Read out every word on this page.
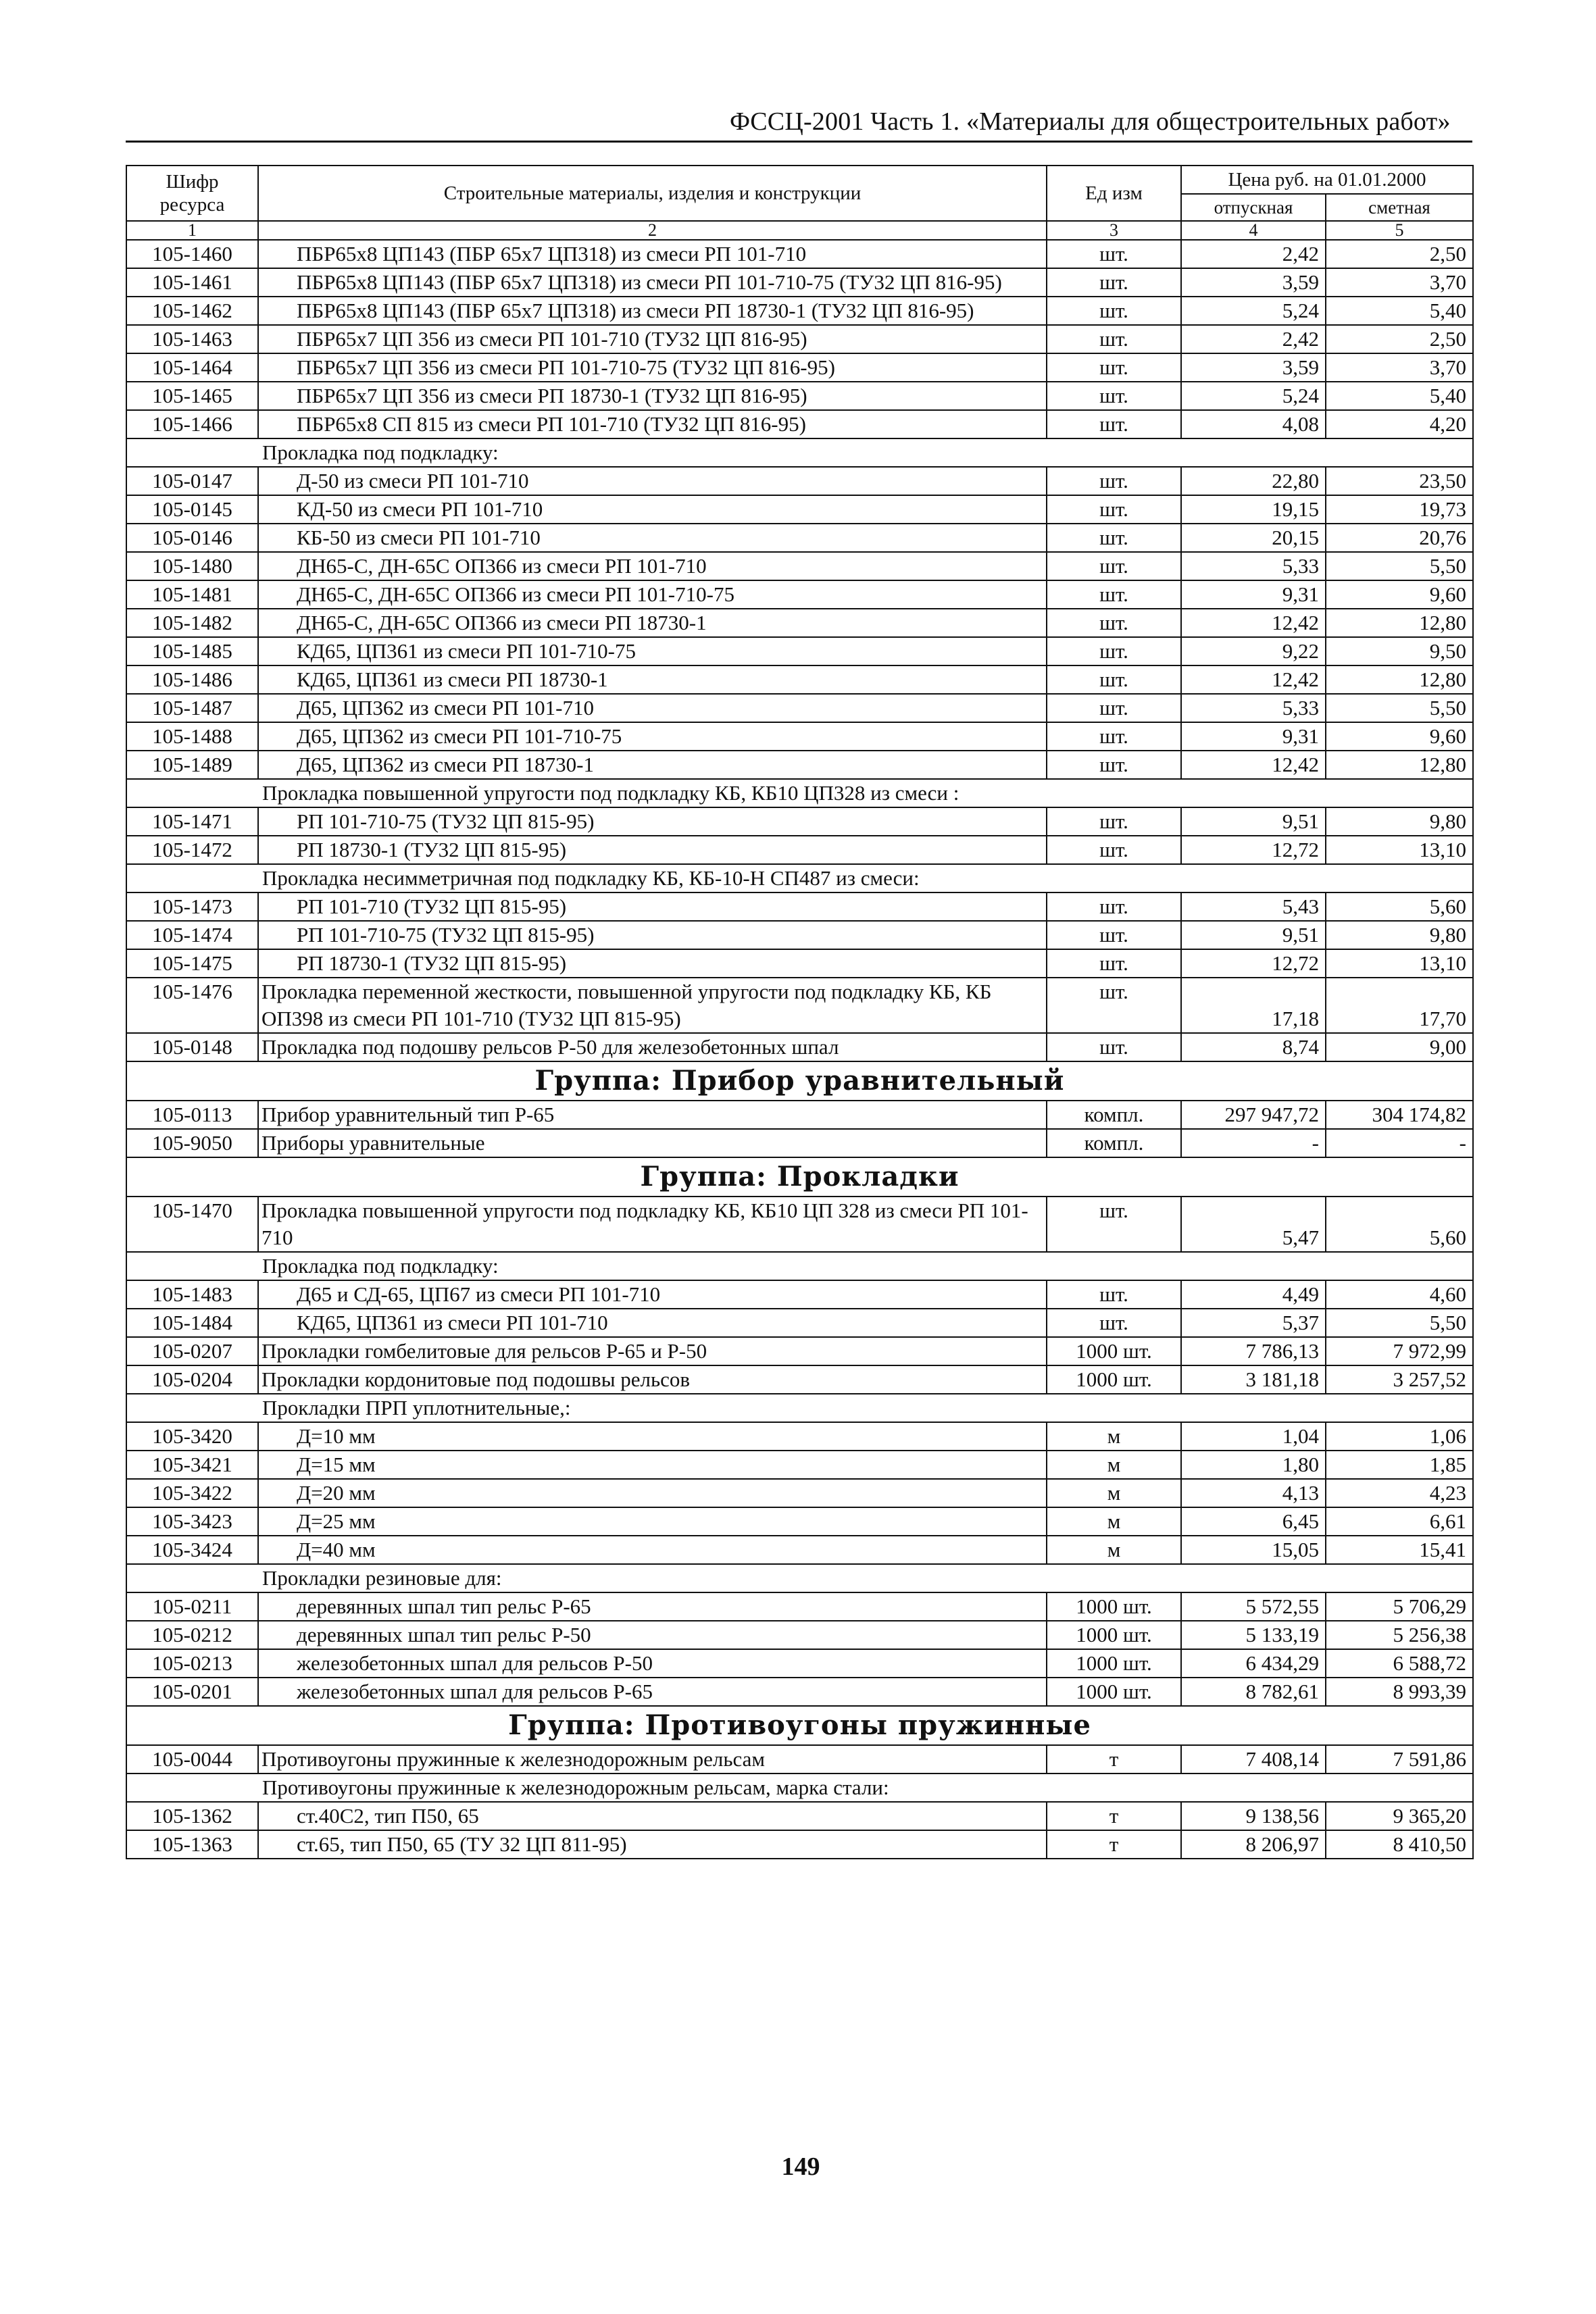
ФССЦ-2001 Часть 1. «Материалы для общестроительных работ»
Шифр ресурса	Строительные материалы, изделия и конструкции	Ед изм	Цена руб. на 01.01.2000	
			отпускная	сметная
1	2	3	4	5
105-1460	ПБР65х8 ЦП143 (ПБР 65х7 ЦП318) из смеси РП 101-710	шт.	2,42	2,50
105-1461	ПБР65х8 ЦП143 (ПБР 65х7 ЦП318) из смеси РП 101-710-75 (ТУ32 ЦП 816-95)	шт.	3,59	3,70
105-1462	ПБР65х8 ЦП143 (ПБР 65х7 ЦП318) из смеси РП 18730-1 (ТУ32 ЦП 816-95)	шт.	5,24	5,40
105-1463	ПБР65х7 ЦП 356 из смеси РП 101-710 (ТУ32 ЦП 816-95)	шт.	2,42	2,50
105-1464	ПБР65х7 ЦП 356 из смеси РП 101-710-75 (ТУ32 ЦП 816-95)	шт.	3,59	3,70
105-1465	ПБР65х7 ЦП 356 из смеси РП 18730-1 (ТУ32 ЦП 816-95)	шт.	5,24	5,40
105-1466	ПБР65х8 СП 815 из смеси РП 101-710 (ТУ32 ЦП 816-95)	шт.	4,08	4,20
Прокладка под подкладку:				
105-0147	Д-50 из смеси РП 101-710	шт.	22,80	23,50
105-0145	КД-50 из смеси РП 101-710	шт.	19,15	19,73
105-0146	КБ-50 из смеси РП 101-710	шт.	20,15	20,76
105-1480	ДН65-С, ДН-65С ОП366 из смеси РП 101-710	шт.	5,33	5,50
105-1481	ДН65-С, ДН-65С ОП366 из смеси РП 101-710-75	шт.	9,31	9,60
105-1482	ДН65-С, ДН-65С ОП366 из смеси РП 18730-1	шт.	12,42	12,80
105-1485	КД65, ЦП361 из смеси РП 101-710-75	шт.	9,22	9,50
105-1486	КД65, ЦП361 из смеси РП 18730-1	шт.	12,42	12,80
105-1487	Д65, ЦП362 из смеси РП 101-710	шт.	5,33	5,50
105-1488	Д65, ЦП362 из смеси РП 101-710-75	шт.	9,31	9,60
105-1489	Д65, ЦП362 из смеси РП 18730-1	шт.	12,42	12,80
Прокладка повышенной упругости под подкладку КБ, КБ10 ЦП328 из смеси :				
105-1471	РП 101-710-75 (ТУ32 ЦП 815-95)	шт.	9,51	9,80
105-1472	РП 18730-1 (ТУ32 ЦП 815-95)	шт.	12,72	13,10
Прокладка несимметричная под подкладку КБ, КБ-10-Н СП487 из смеси:				
105-1473	РП 101-710 (ТУ32 ЦП 815-95)	шт.	5,43	5,60
105-1474	РП 101-710-75 (ТУ32 ЦП 815-95)	шт.	9,51	9,80
105-1475	РП 18730-1 (ТУ32 ЦП 815-95)	шт.	12,72	13,10
105-1476	Прокладка переменной жесткости, повышенной упругости под подкладку КБ, КБ ОП398 из смеси РП 101-710 (ТУ32 ЦП 815-95)	шт.	17,18	17,70
105-0148	Прокладка под подошву рельсов Р-50 для железобетонных шпал	шт.	8,74	9,00
Группа: Прибор уравнительный				
105-0113	Прибор уравнительный тип Р-65	компл.	297 947,72	304 174,82
105-9050	Приборы уравнительные	компл.	-	-
Группа: Прокладки				
105-1470	Прокладка повышенной упругости под подкладку КБ, КБ10 ЦП 328 из смеси РП 101-710	шт.	5,47	5,60
Прокладка под подкладку:				
105-1483	Д65 и СД-65, ЦП67 из смеси РП 101-710	шт.	4,49	4,60
105-1484	КД65, ЦП361 из смеси РП 101-710	шт.	5,37	5,50
105-0207	Прокладки гомбелитовые для рельсов Р-65 и Р-50	1000 шт.	7 786,13	7 972,99
105-0204	Прокладки кордонитовые под подошвы рельсов	1000 шт.	3 181,18	3 257,52
Прокладки ПРП уплотнительные,:				
105-3420	Д=10 мм	м	1,04	1,06
105-3421	Д=15 мм	м	1,80	1,85
105-3422	Д=20 мм	м	4,13	4,23
105-3423	Д=25 мм	м	6,45	6,61
105-3424	Д=40 мм	м	15,05	15,41
Прокладки резиновые для:				
105-0211	деревянных шпал тип рельс Р-65	1000 шт.	5 572,55	5 706,29
105-0212	деревянных шпал тип рельс Р-50	1000 шт.	5 133,19	5 256,38
105-0213	железобетонных шпал для рельсов Р-50	1000 шт.	6 434,29	6 588,72
105-0201	железобетонных шпал для рельсов Р-65	1000 шт.	8 782,61	8 993,39
Группа: Противоугоны пружинные				
105-0044	Противоугоны пружинные к железнодорожным рельсам	т	7 408,14	7 591,86
Противоугоны пружинные к железнодорожным рельсам, марка стали:				
105-1362	ст.40С2, тип П50, 65	т	9 138,56	9 365,20
105-1363	ст.65, тип П50, 65 (ТУ 32 ЦП 811-95)	т	8 206,97	8 410,50
149
